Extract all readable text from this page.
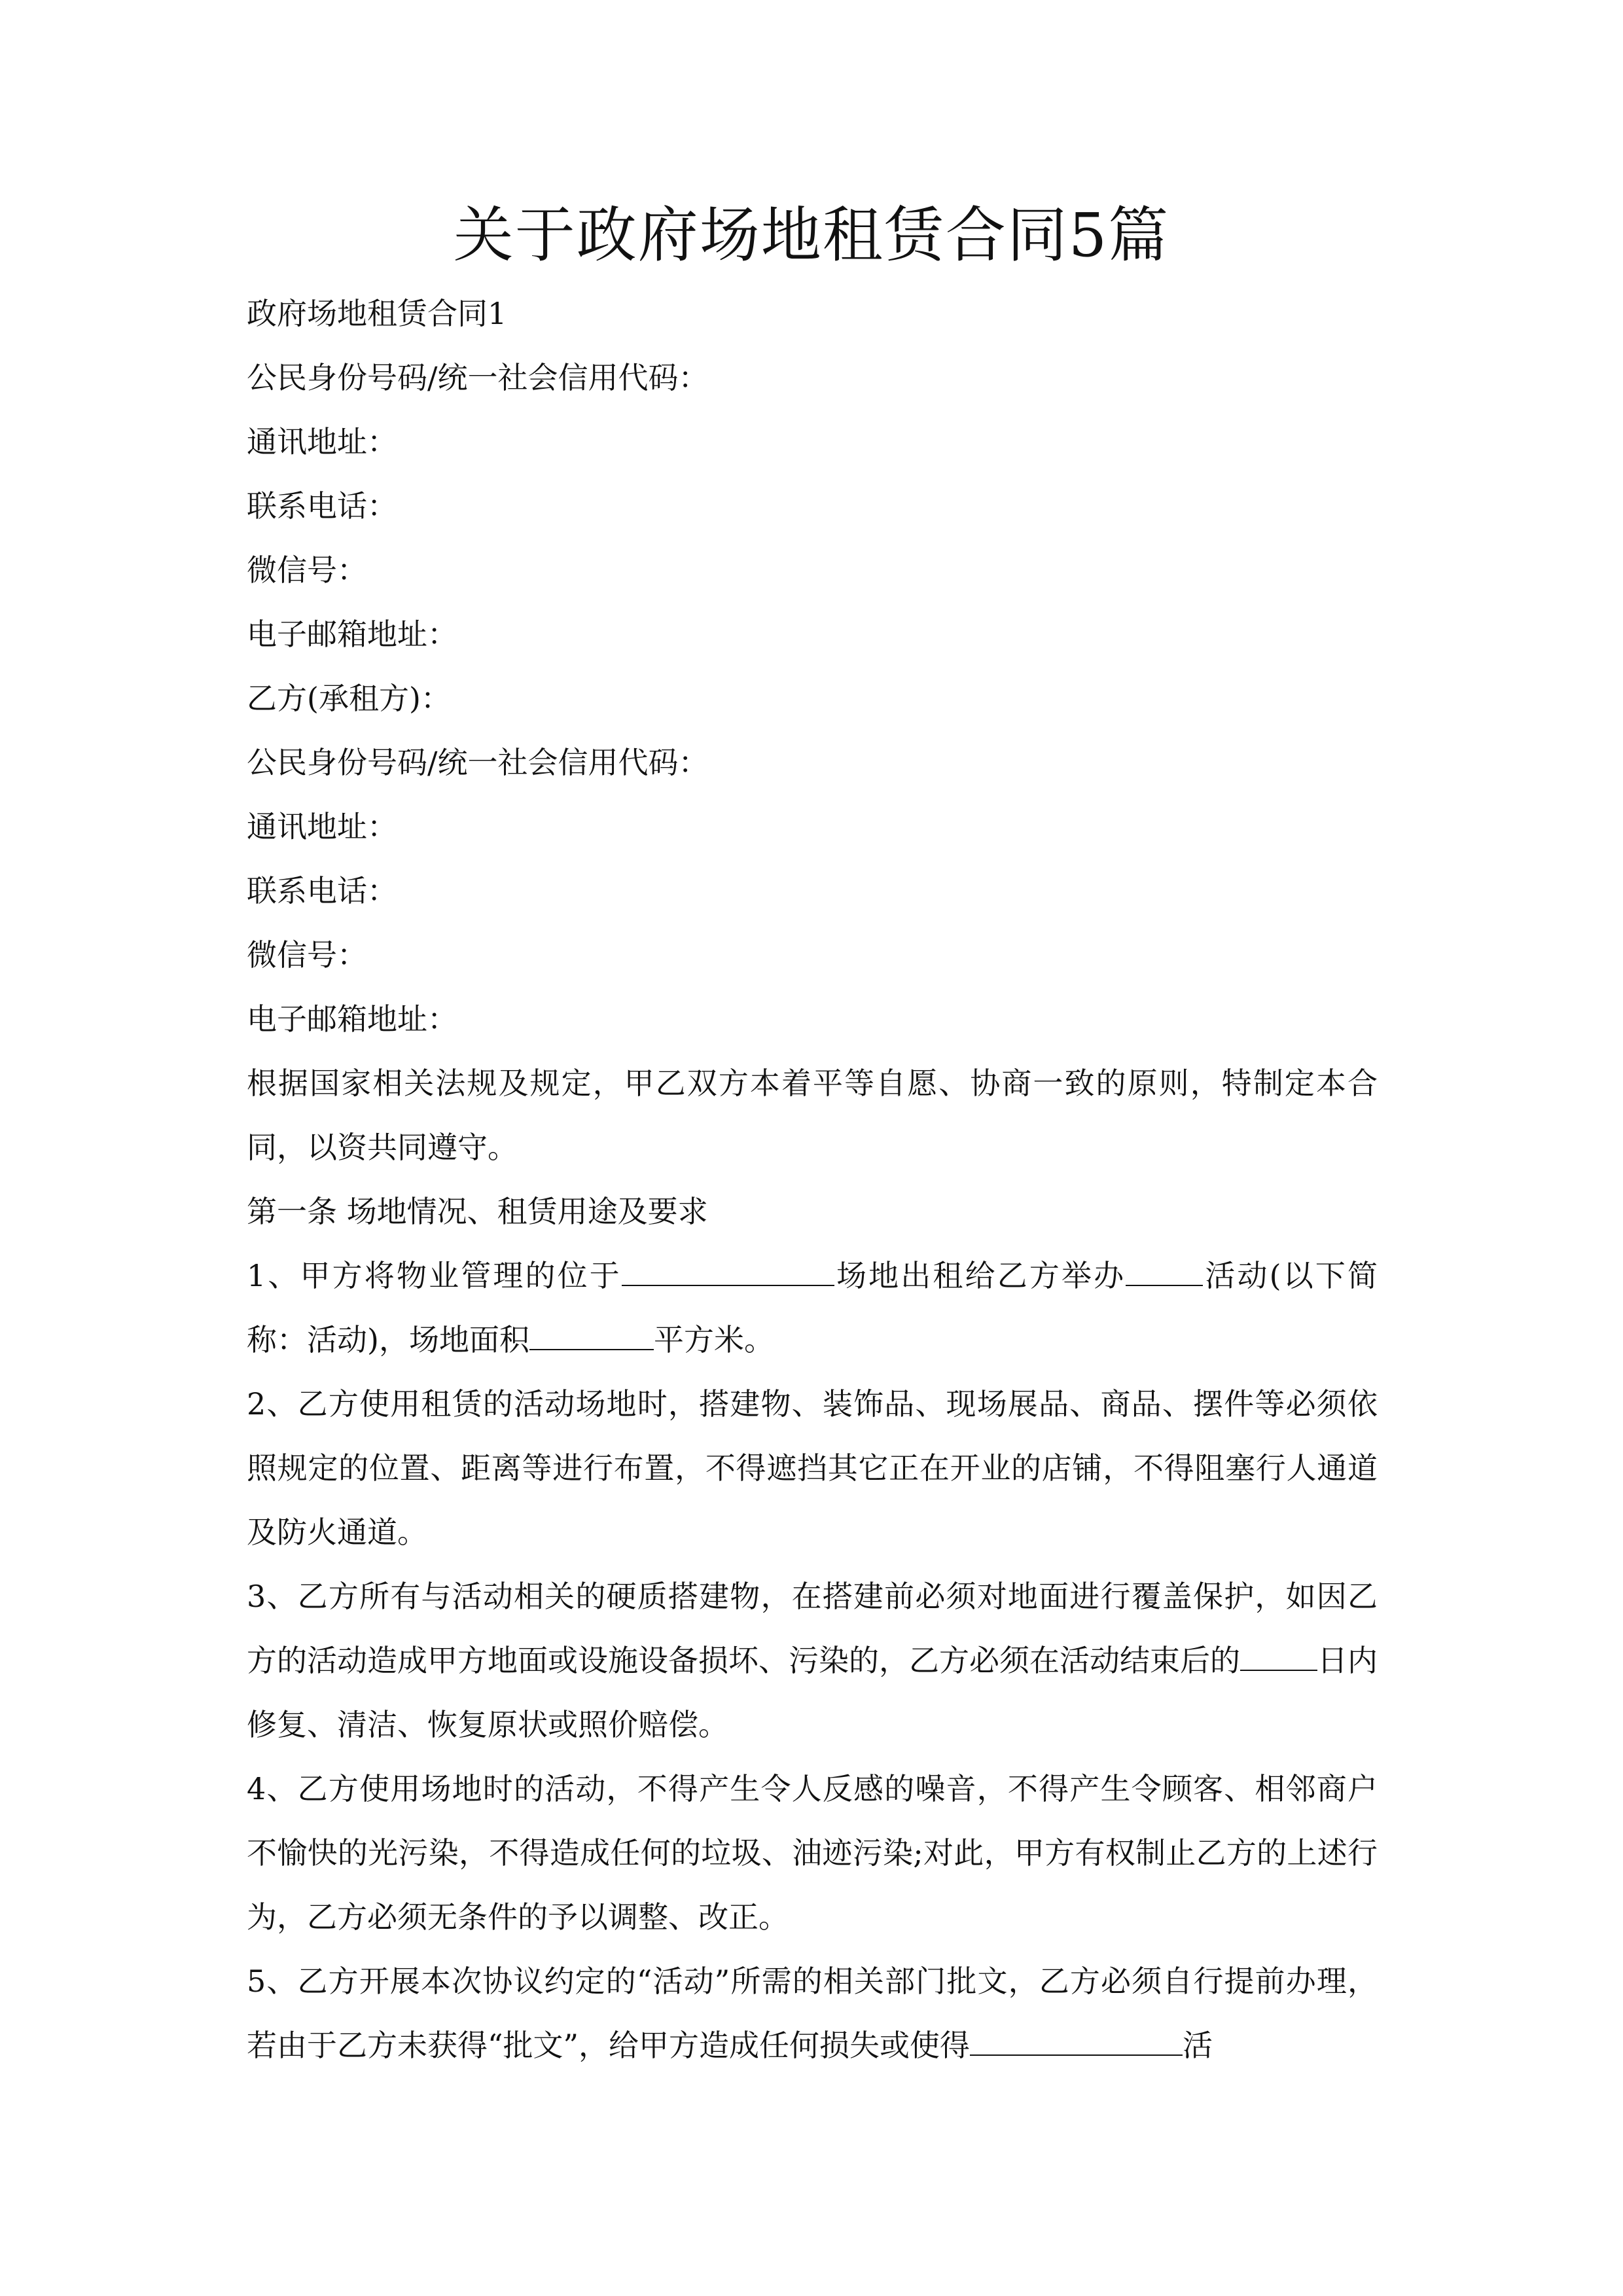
关于政府场地租赁合同5篇
政府场地租赁合同1
公民身份号码/统一社会信用代码：
通讯地址：
联系电话：
微信号：
电子邮箱地址：
乙方(承租方)：
公民身份号码/统一社会信用代码：
通讯地址：
联系电话：
微信号：
电子邮箱地址：
根据国家相关法规及规定，甲乙双方本着平等自愿、协商一致的原则，特制定本合同，以资共同遵守。
第一条 场地情况、租赁用途及要求
1、甲方将物业管理的位于	场地出租给乙方举办	活动(以下简称：活动)，场地面积	平方米。
2、乙方使用租赁的活动场地时，搭建物、装饰品、现场展品、商品、摆件等必须依照规定的位置、距离等进行布置，不得遮挡其它正在开业的店铺，不得阻塞行人通道及防火通道。
3、乙方所有与活动相关的硬质搭建物，在搭建前必须对地面进行覆盖保护，如因乙方的活动造成甲方地面或设施设备损坏、污染的，乙方必须在活动结束后的	日内修复、清洁、恢复原状或照价赔偿。
4、乙方使用场地时的活动，不得产生令人反感的噪音，不得产生令顾客、相邻商户不愉快的光污染，不得造成任何的垃圾、油迹污染;对此，甲方有权制止乙方的上述行为，乙方必须无条件的予以调整、改正。
5、乙方开展本次协议约定的“活动”所需的相关部门批文，乙方必须自行提前办理，若由于乙方未获得“批文”，给甲方造成任何损失或使得	活
